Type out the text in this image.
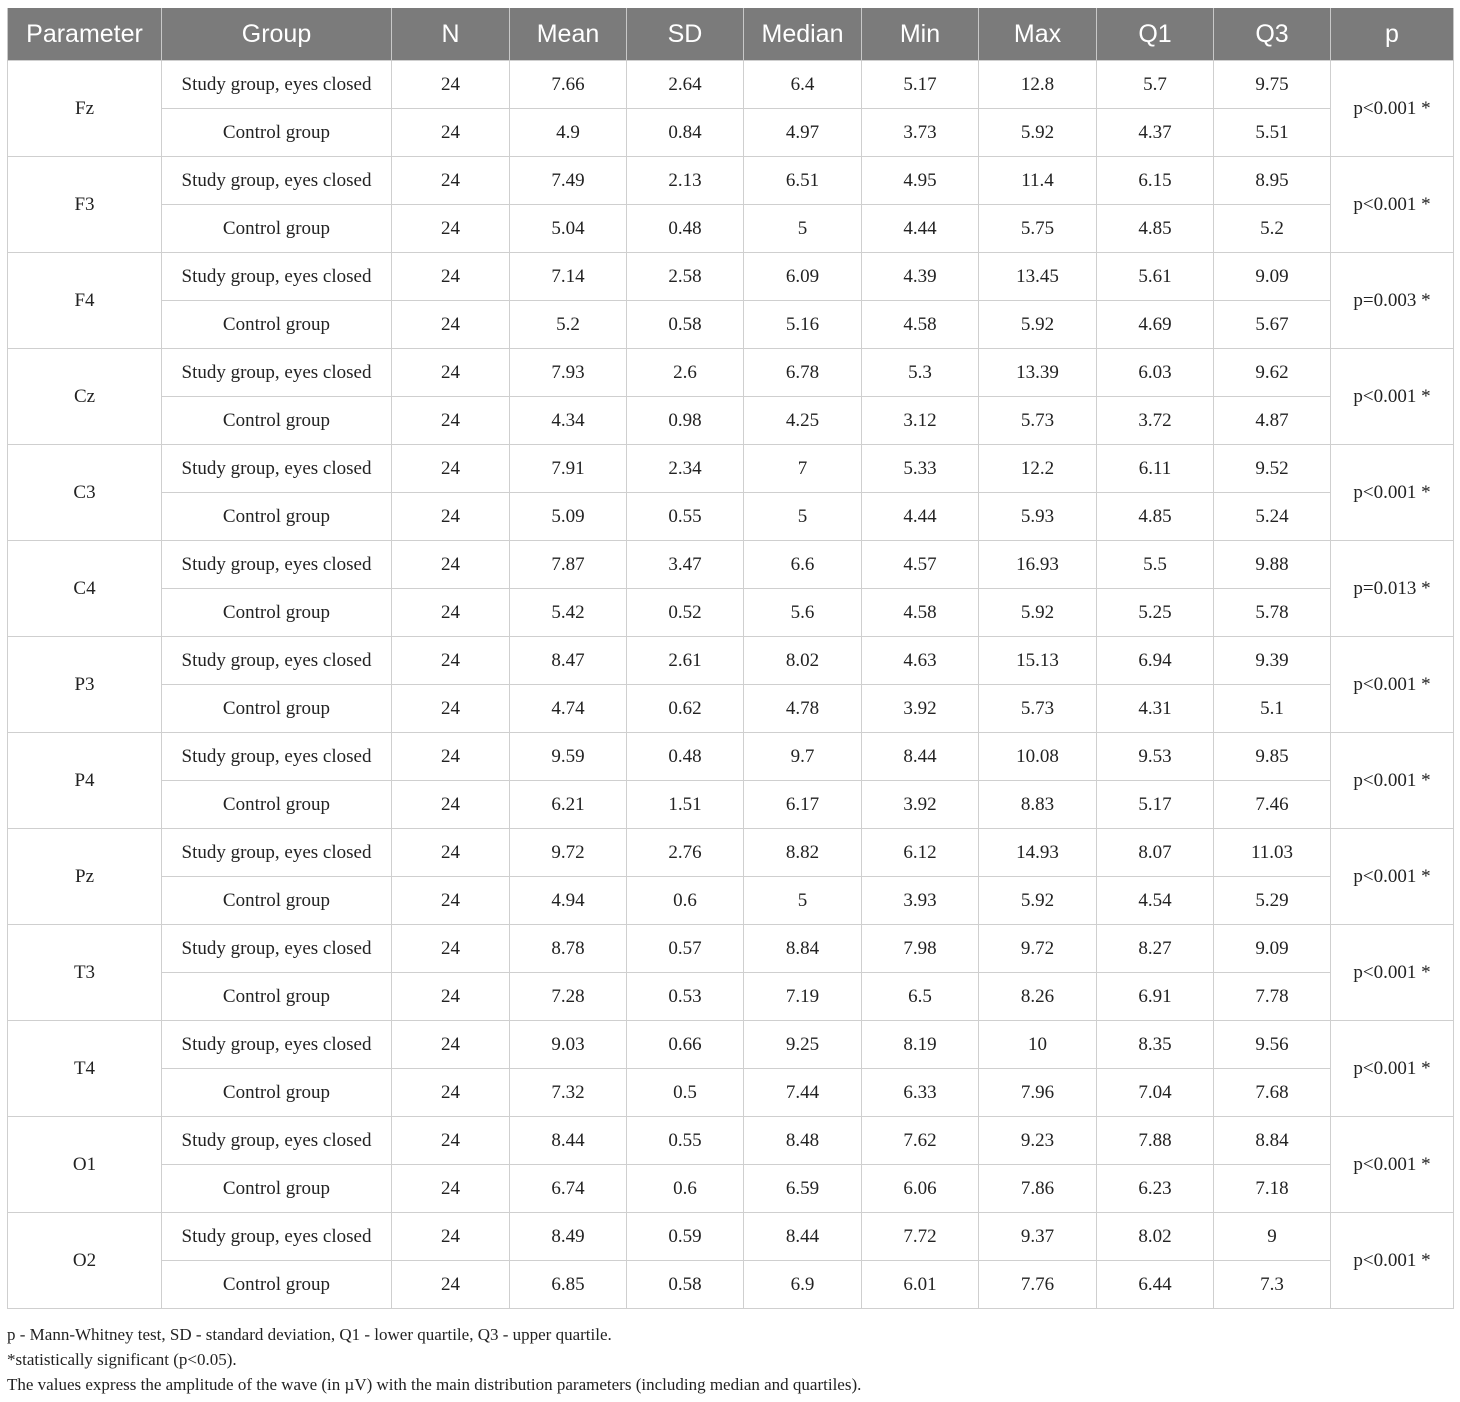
Parameter	Group	N	Mean	SD	Median	Min	Max	Q1	Q3	p
Fz	Study group, eyes closed	24	7.66	2.64	6.4	5.17	12.8	5.7	9.75	p<0.001 *
	Control group	24	4.9	0.84	4.97	3.73	5.92	4.37	5.51	
F3	Study group, eyes closed	24	7.49	2.13	6.51	4.95	11.4	6.15	8.95	p<0.001 *
	Control group	24	5.04	0.48	5	4.44	5.75	4.85	5.2	
F4	Study group, eyes closed	24	7.14	2.58	6.09	4.39	13.45	5.61	9.09	p=0.003 *
	Control group	24	5.2	0.58	5.16	4.58	5.92	4.69	5.67	
Cz	Study group, eyes closed	24	7.93	2.6	6.78	5.3	13.39	6.03	9.62	p<0.001 *
	Control group	24	4.34	0.98	4.25	3.12	5.73	3.72	4.87	
C3	Study group, eyes closed	24	7.91	2.34	7	5.33	12.2	6.11	9.52	p<0.001 *
	Control group	24	5.09	0.55	5	4.44	5.93	4.85	5.24	
C4	Study group, eyes closed	24	7.87	3.47	6.6	4.57	16.93	5.5	9.88	p=0.013 *
	Control group	24	5.42	0.52	5.6	4.58	5.92	5.25	5.78	
P3	Study group, eyes closed	24	8.47	2.61	8.02	4.63	15.13	6.94	9.39	p<0.001 *
	Control group	24	4.74	0.62	4.78	3.92	5.73	4.31	5.1	
P4	Study group, eyes closed	24	9.59	0.48	9.7	8.44	10.08	9.53	9.85	p<0.001 *
	Control group	24	6.21	1.51	6.17	3.92	8.83	5.17	7.46	
Pz	Study group, eyes closed	24	9.72	2.76	8.82	6.12	14.93	8.07	11.03	p<0.001 *
	Control group	24	4.94	0.6	5	3.93	5.92	4.54	5.29	
T3	Study group, eyes closed	24	8.78	0.57	8.84	7.98	9.72	8.27	9.09	p<0.001 *
	Control group	24	7.28	0.53	7.19	6.5	8.26	6.91	7.78	
T4	Study group, eyes closed	24	9.03	0.66	9.25	8.19	10	8.35	9.56	p<0.001 *
	Control group	24	7.32	0.5	7.44	6.33	7.96	7.04	7.68	
O1	Study group, eyes closed	24	8.44	0.55	8.48	7.62	9.23	7.88	8.84	p<0.001 *
	Control group	24	6.74	0.6	6.59	6.06	7.86	6.23	7.18	
O2	Study group, eyes closed	24	8.49	0.59	8.44	7.72	9.37	8.02	9	p<0.001 *
	Control group	24	6.85	0.58	6.9	6.01	7.76	6.44	7.3	
p - Mann-Whitney test, SD - standard deviation, Q1 - lower quartile, Q3 - upper quartile.
*statistically significant (p<0.05).
The values express the amplitude of the wave (in µV) with the main distribution parameters (including median and quartiles).
